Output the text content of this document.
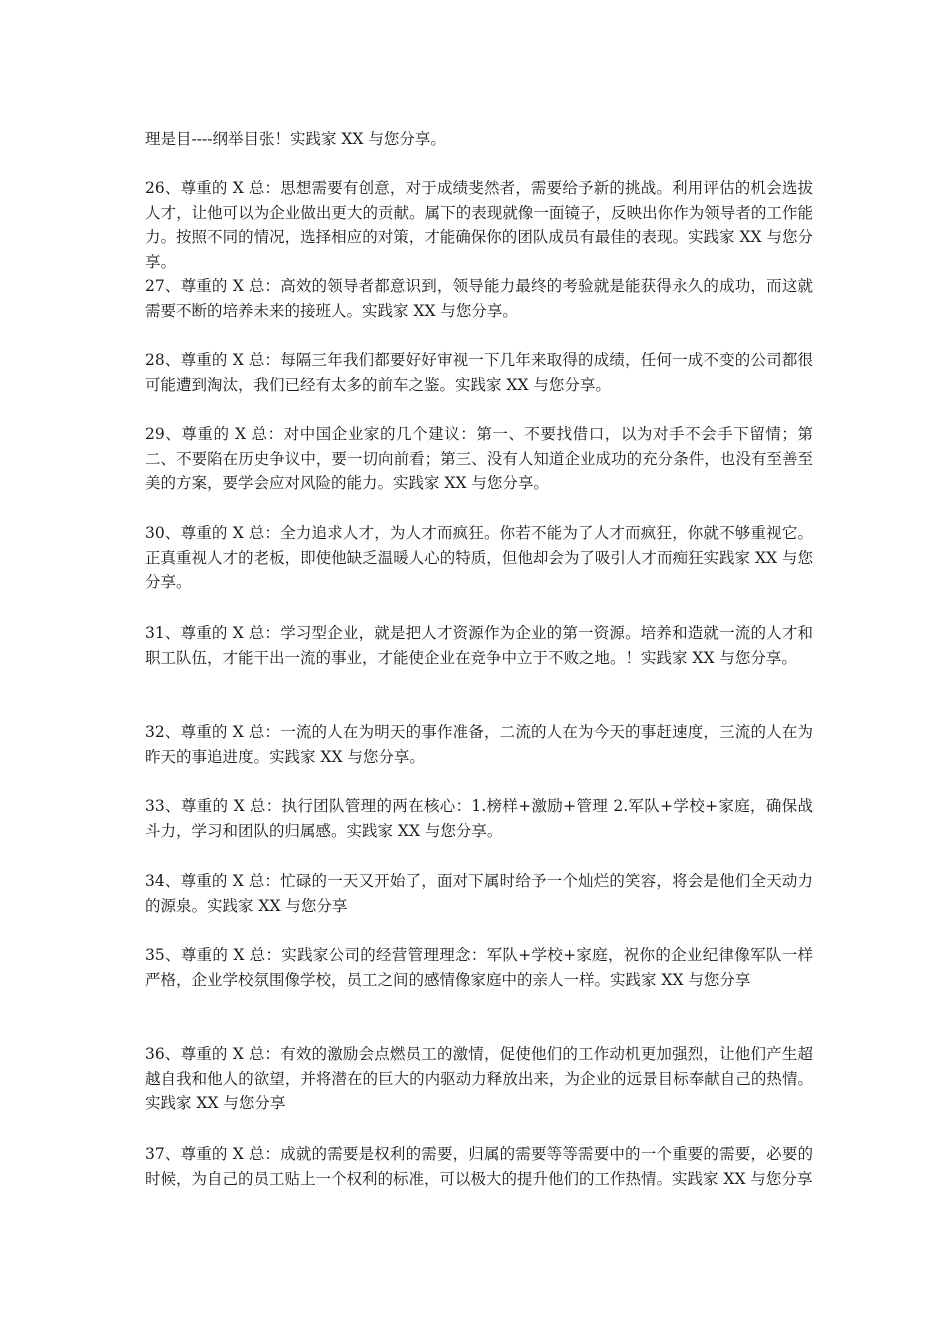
理是目----纲举目张！实践家 XX 与您分享。

26、尊重的 X 总：思想需要有创意，对于成绩斐然者，需要给予新的挑战。利用评估的机会选拔人才，让他可以为企业做出更大的贡献。属下的表现就像一面镜子，反映出你作为领导者的工作能力。按照不同的情况，选择相应的对策，才能确保你的团队成员有最佳的表现。实践家 XX 与您分享。

27、尊重的 X 总：高效的领导者都意识到，领导能力最终的考验就是能获得永久的成功，而这就需要不断的培养未来的接班人。实践家 XX 与您分享。

28、尊重的 X 总：每隔三年我们都要好好审视一下几年来取得的成绩，任何一成不变的公司都很可能遭到淘汰，我们已经有太多的前车之鉴。实践家 XX 与您分享。

29、尊重的 X 总：对中国企业家的几个建议：第一、不要找借口，以为对手不会手下留情；第二、不要陷在历史争议中，要一切向前看；第三、没有人知道企业成功的充分条件，也没有至善至美的方案，要学会应对风险的能力。实践家 XX 与您分享。

30、尊重的 X 总：全力追求人才，为人才而疯狂。你若不能为了人才而疯狂，你就不够重视它。正真重视人才的老板，即使他缺乏温暖人心的特质，但他却会为了吸引人才而痴狂实践家 XX 与您分享。

31、尊重的 X 总：学习型企业，就是把人才资源作为企业的第一资源。培养和造就一流的人才和职工队伍，才能干出一流的事业，才能使企业在竞争中立于不败之地。！实践家 XX 与您分享。

32、尊重的 X 总：一流的人在为明天的事作准备，二流的人在为今天的事赶速度，三流的人在为昨天的事追进度。实践家 XX 与您分享。

33、尊重的 X 总：执行团队管理的两在核心：1.榜样+激励+管理 2.军队+学校+家庭，确保战斗力，学习和团队的归属感。实践家 XX 与您分享。

34、尊重的 X 总：忙碌的一天又开始了，面对下属时给予一个灿烂的笑容，将会是他们全天动力的源泉。实践家 XX 与您分享

35、尊重的 X 总：实践家公司的经营管理理念：军队+学校+家庭，祝你的企业纪律像军队一样严格，企业学校氛围像学校，员工之间的感情像家庭中的亲人一样。实践家 XX 与您分享

36、尊重的 X 总：有效的激励会点燃员工的激情，促使他们的工作动机更加强烈，让他们产生超越自我和他人的欲望，并将潜在的巨大的内驱动力释放出来，为企业的远景目标奉献自己的热情。实践家 XX 与您分享

37、尊重的 X 总：成就的需要是权利的需要，归属的需要等等需要中的一个重要的需要，必要的时候，为自己的员工贴上一个权利的标准，可以极大的提升他们的工作热情。实践家 XX 与您分享
